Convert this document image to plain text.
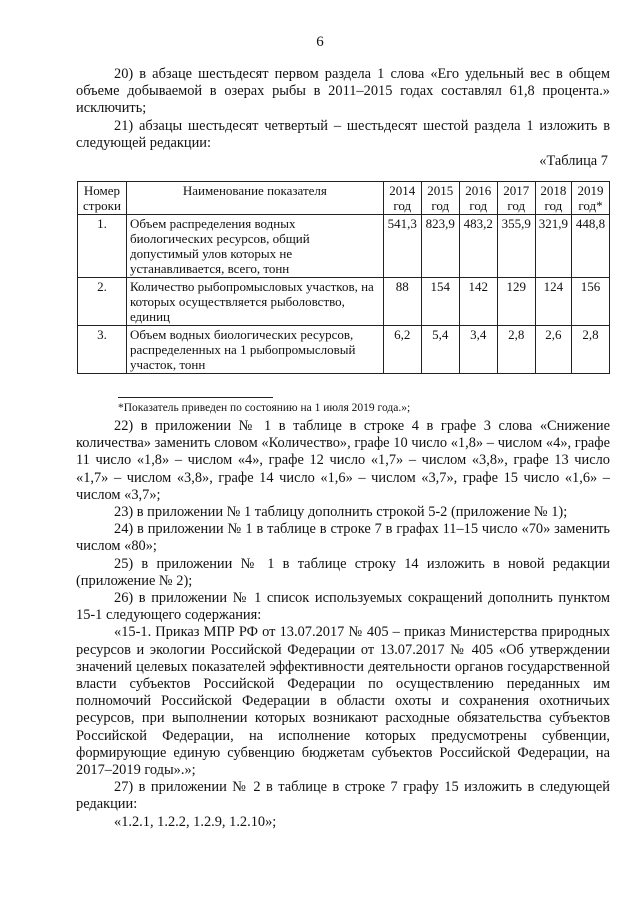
6

20) в абзаце шестьдесят первом раздела 1 слова «Его удельный вес в общем объеме добываемой в озерах рыбы в 2011–2015 годах составлял 61,8 процента.» исключить;

21) абзацы шестьдесят четвертый – шестьдесят шестой раздела 1 изложить в следующей редакции:

«Таблица 7
Номер строки	Наименование показателя	2014 год	2015 год	2016 год	2017 год	2018 год	2019 год*
1.	Объем распределения водных биологических ресурсов, общий допустимый улов которых не устанавливается, всего, тонн	541,3	823,9	483,2	355,9	321,9	448,8
2.	Количество рыбопромысловых участков, на которых осуществляется рыболовство, единиц	88	154	142	129	124	156
3.	Объем водных биологических ресурсов, распределенных на 1 рыбопромысловый участок, тонн	6,2	5,4	3,4	2,8	2,6	2,8
*Показатель приведен по состоянию на 1 июля 2019 года.»;

22) в приложении № 1 в таблице в строке 4 в графе 3 слова «Снижение количества» заменить словом «Количество», графе 10 число «1,8» – числом «4», графе 11 число «1,8» – числом «4», графе 12 число «1,7» – числом «3,8», графе 13 число «1,7» – числом «3,8», графе 14 число «1,6» – числом «3,7», графе 15 число «1,6» – числом «3,7»;

23) в приложении № 1 таблицу дополнить строкой 5-2 (приложение № 1);

24) в приложении № 1 в таблице в строке 7 в графах 11–15 число «70» заменить числом «80»;

25) в приложении № 1 в таблице строку 14 изложить в новой редакции (приложение № 2);

26) в приложении № 1 список используемых сокращений дополнить пунктом 15-1 следующего содержания:

«15-1. Приказ МПР РФ от 13.07.2017 № 405 – приказ Министерства природных ресурсов и экологии Российской Федерации от 13.07.2017 № 405 «Об утверждении значений целевых показателей эффективности деятельности органов государственной власти субъектов Российской Федерации по осуществлению переданных им полномочий Российской Федерации в области охоты и сохранения охотничьих ресурсов, при выполнении которых возникают расходные обязательства субъектов Российской Федерации, на исполнение которых предусмотрены субвенции, формирующие единую субвенцию бюджетам субъектов Российской Федерации, на 2017–2019 годы».»;

27) в приложении № 2 в таблице в строке 7 графу 15 изложить в следующей редакции:

«1.2.1, 1.2.2, 1.2.9, 1.2.10»;
